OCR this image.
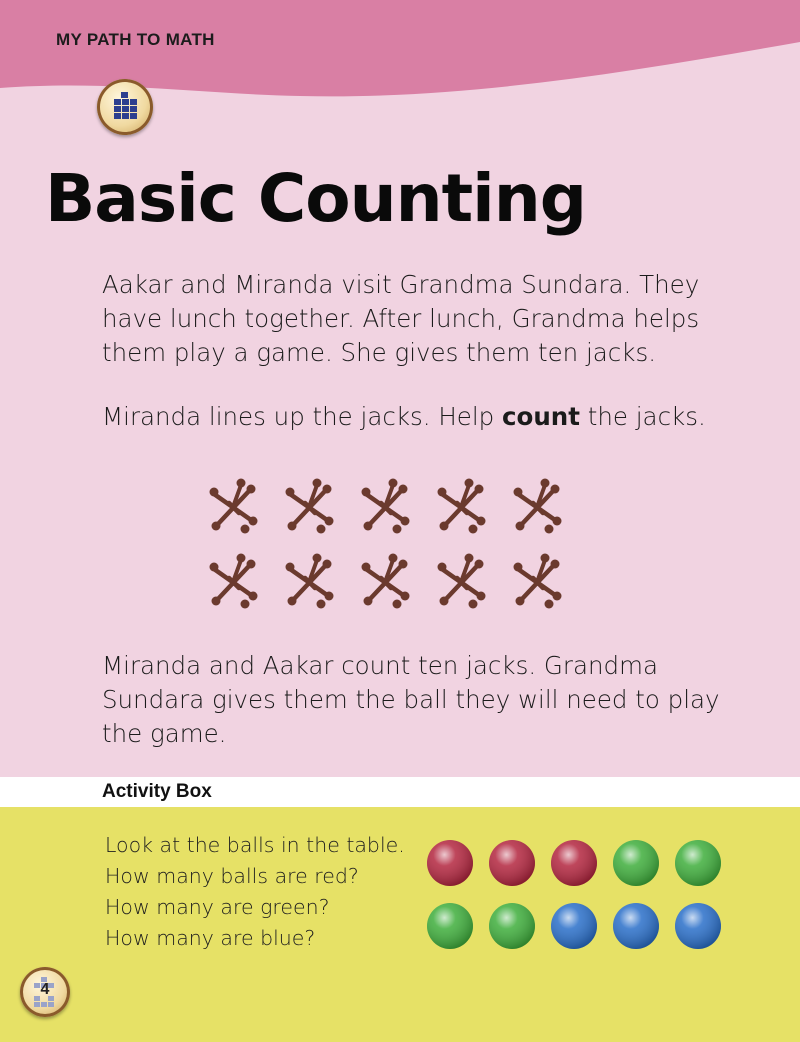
MY PATH TO MATH
Basic Counting
Aakar and Miranda visit Grandma Sundara. They have lunch together. After lunch, Grandma helps them play a game. She gives them ten jacks.
Miranda lines up the jacks. Help count the jacks.
Miranda and Aakar count ten jacks. Grandma Sundara gives them the ball they will need to play the game.
Activity Box
Look at the balls in the table.
How many balls are red?
How many are green?
How many are blue?
4
